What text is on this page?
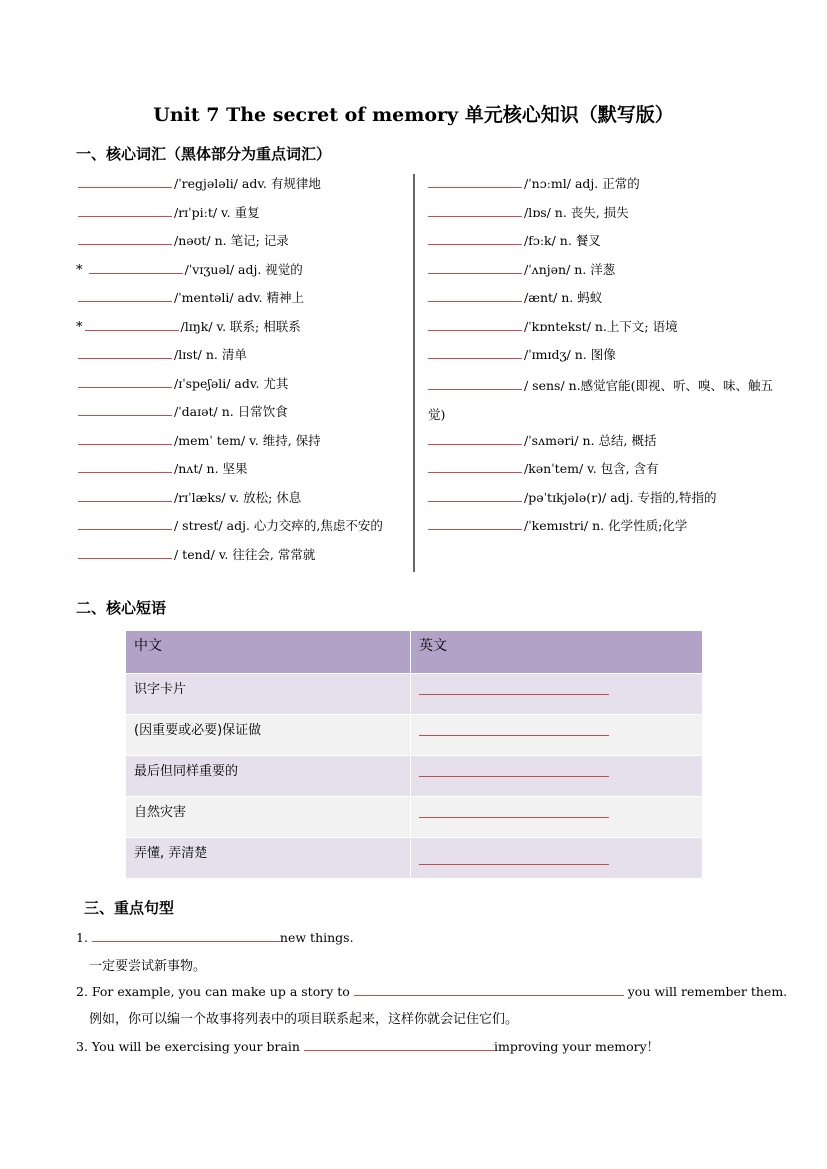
Unit 7 The secret of memory 单元核心知识（默写版）
一、核心词汇（黑体部分为重点词汇）
/ˈregjələli/ adv. 有规律地
/rɪˈpiːt/ v. 重复
/nəʊt/ n. 笔记; 记录
*	/ˈvɪʒuəl/ adj. 视觉的
/ˈmentəli/ adv. 精神上
*	/lɪŋk/ v. 联系; 相联系
/lɪst/ n. 清单
/ɪˈspeʃəli/ adv. 尤其
/ˈdaɪət/ n. 日常饮食
/memˈ tem/ v. 维持, 保持
/nʌt/ n. 坚果
/rɪˈlæks/ v. 放松; 休息
/ stresť/ adj. 心力交瘁的,焦虑不安的
/ tend/ v. 往往会, 常常就
/ˈnɔːml/ adj. 正常的
/lɒs/ n. 丧失, 损失
/fɔːk/ n. 餐叉
/ˈʌnjən/ n. 洋葱
/ænt/ n. 蚂蚁
/ˈkɒntekst/ n.上下文; 语境
/ˈɪmɪdʒ/ n. 图像
/ sens/ n.感觉官能(即视、听、嗅、味、触五觉)
/ˈsʌməri/ n. 总结, 概括
/kənˈtem/ v. 包含, 含有
/pəˈtɪkjələ(r)/ adj. 专指的,特指的
/ˈkemɪstri/ n. 化学性质;化学
二、核心短语
中文	英文
识字卡片	

(因重要或必要)保证做	

最后但同样重要的	

自然灾害	

弄懂, 弄清楚	
三、重点句型
1.	new things.
一定要尝试新事物。
2. For example, you can make up a story to	you will remember them.
例如，你可以编一个故事将列表中的项目联系起来，这样你就会记住它们。
3. You will be exercising your brain	improving your memory！
